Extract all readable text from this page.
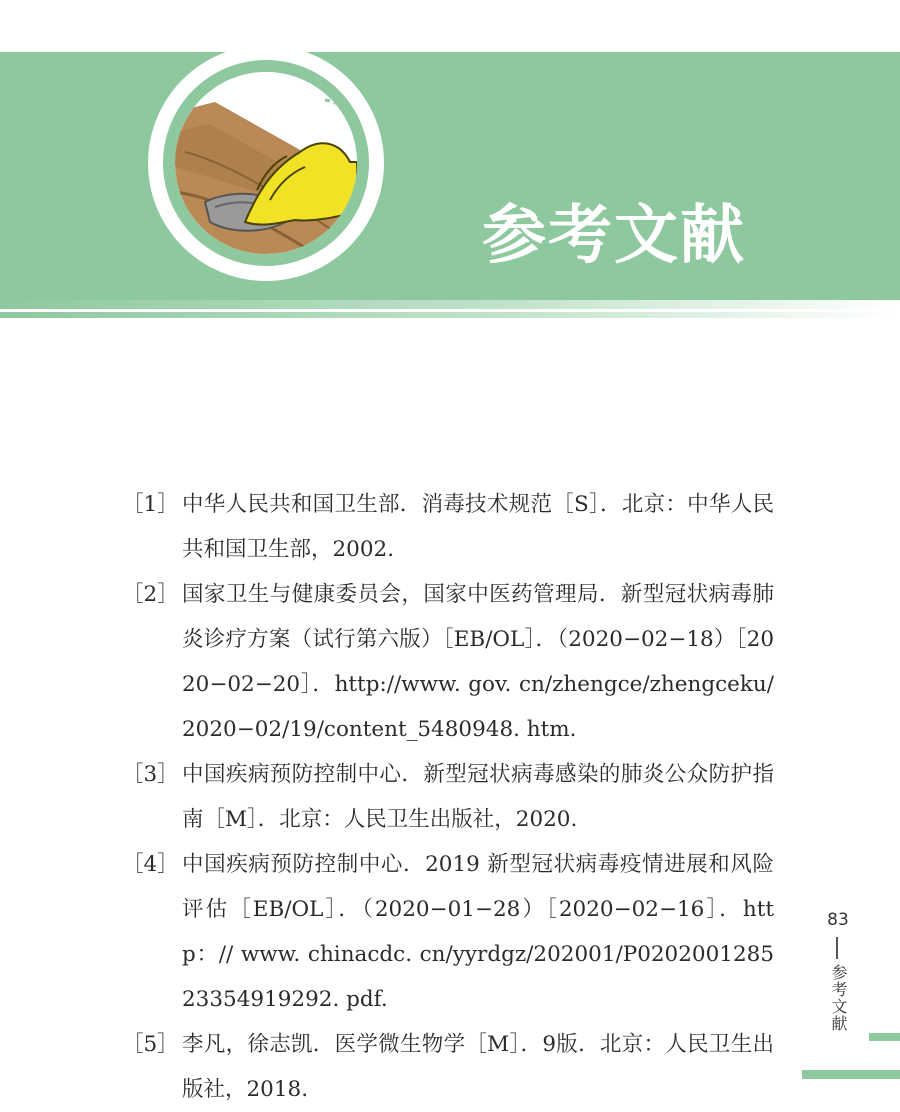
参考文献
［1］ 中华人民共和国卫生部．消毒技术规范［S］．北京：中华人民共和国卫生部，2002.
［2］ 国家卫生与健康委员会，国家中医药管理局．新型冠状病毒肺炎诊疗方案（试行第六版）［EB/OL］．（2020−02−18）［2020−02−20］．http://www. gov. cn/zhengce/zhengceku/ 2020−02/19/content_5480948. htm.
［3］ 中国疾病预防控制中心．新型冠状病毒感染的肺炎公众防护指南［M］．北京：人民卫生出版社，2020.
［4］ 中国疾病预防控制中心．2019 新型冠状病毒疫情进展和风险评估［EB/OL］．（2020−01−28）［2020−02−16］．http：// www. chinacdc. cn/yyrdgz/202001/P020200128523354919292. pdf.
［5］ 李凡，徐志凯．医学微生物学［M］．9版．北京：人民卫生出版社，2018.
83
参考文献
